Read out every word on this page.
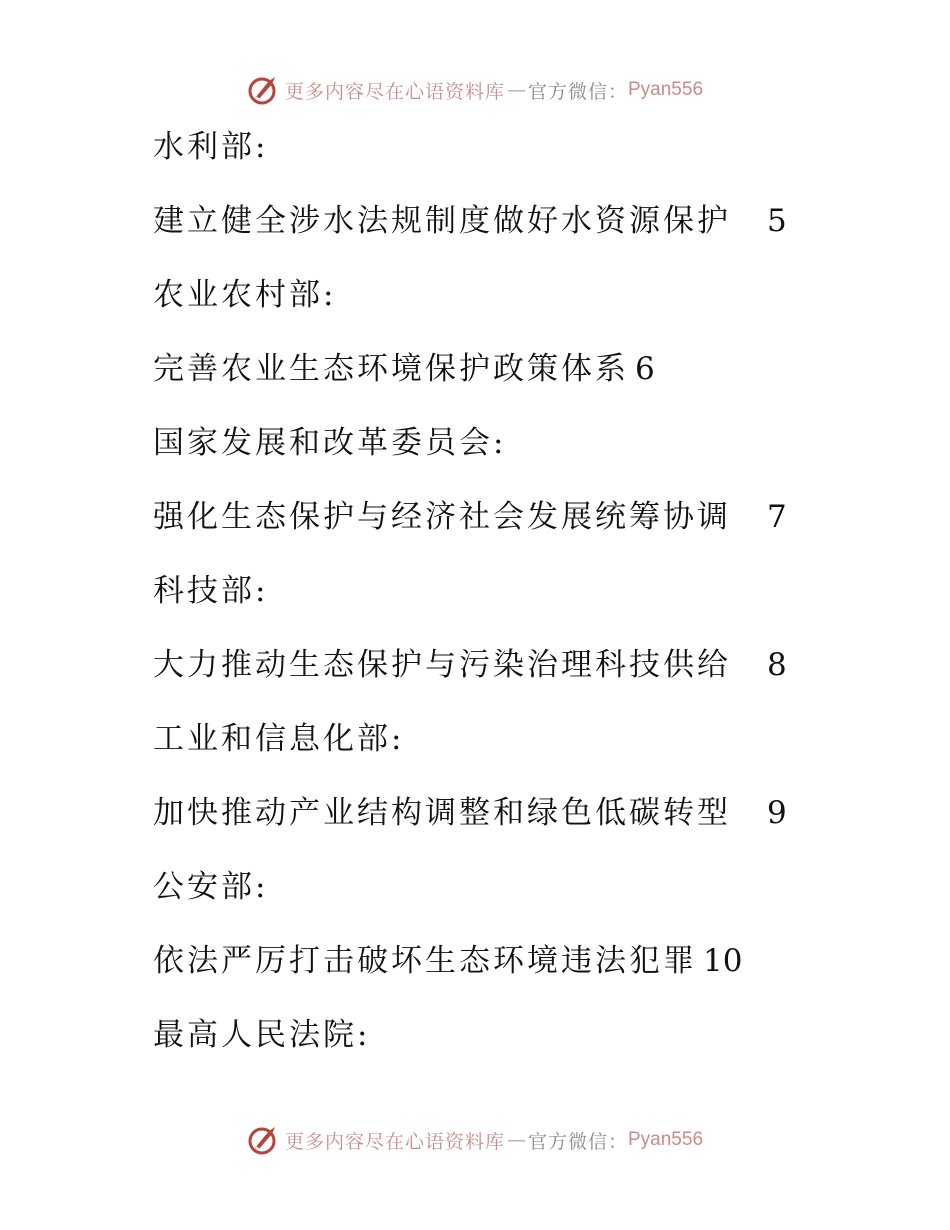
更多内容尽在心语资料库 — 官方微信： Pyan556
水利部:
建立健全涉水法规制度做好水资源保护 5
农业农村部:
完善农业生态环境保护政策体系 6
国家发展和改革委员会:
强化生态保护与经济社会发展统筹协调 7
科技部:
大力推动生态保护与污染治理科技供给 8
工业和信息化部:
加快推动产业结构调整和绿色低碳转型 9
公安部:
依法严厉打击破坏生态环境违法犯罪 10
最高人民法院:
更多内容尽在心语资料库 — 官方微信： Pyan556
